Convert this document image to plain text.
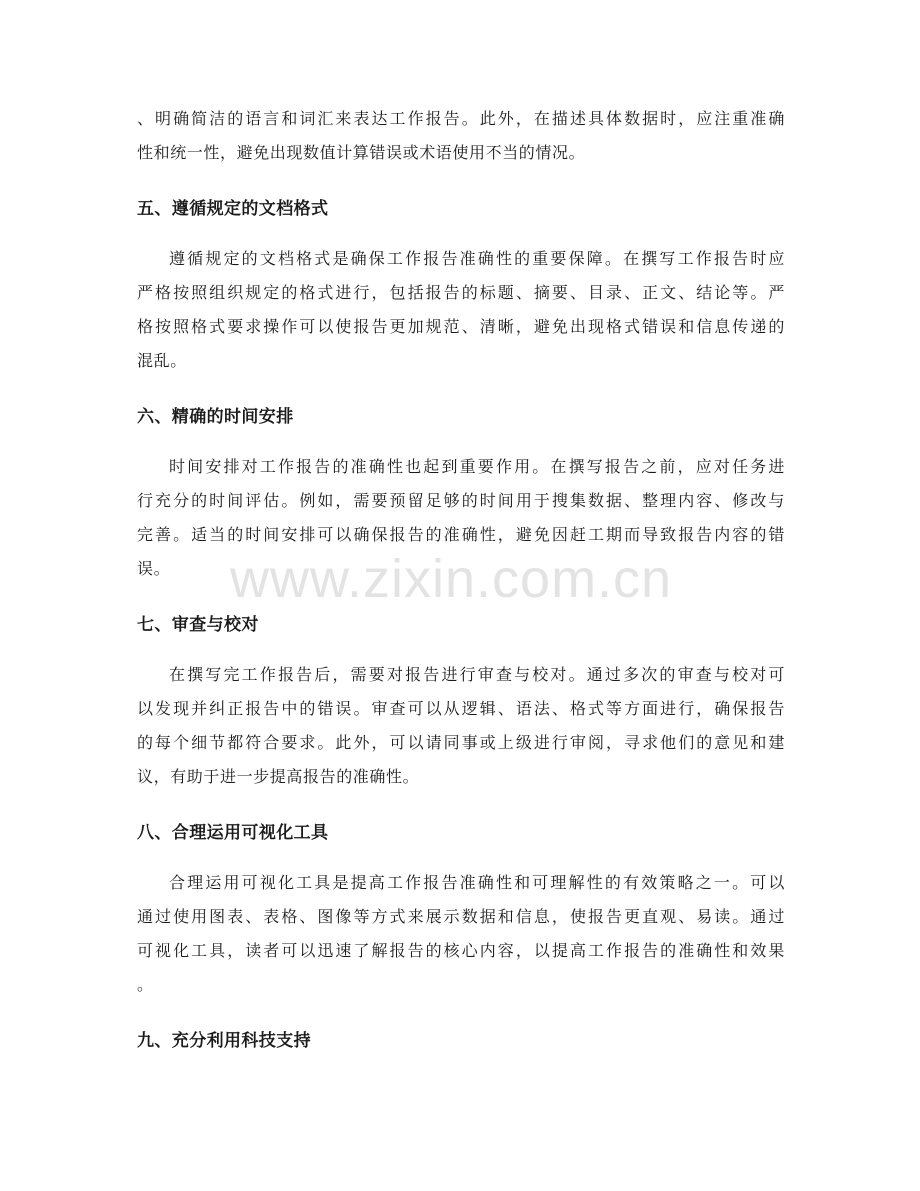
、明确简洁的语言和词汇来表达工作报告。此外，在描述具体数据时，应注重准确
性和统一性，避免出现数值计算错误或术语使用不当的情况。

五、遵循规定的文档格式

遵循规定的文档格式是确保工作报告准确性的重要保障。在撰写工作报告时应
严格按照组织规定的格式进行，包括报告的标题、摘要、目录、正文、结论等。严
格按照格式要求操作可以使报告更加规范、清晰，避免出现格式错误和信息传递的
混乱。

六、精确的时间安排

时间安排对工作报告的准确性也起到重要作用。在撰写报告之前，应对任务进
行充分的时间评估。例如，需要预留足够的时间用于搜集数据、整理内容、修改与
完善。适当的时间安排可以确保报告的准确性，避免因赶工期而导致报告内容的错
误。

七、审查与校对

在撰写完工作报告后，需要对报告进行审查与校对。通过多次的审查与校对可
以发现并纠正报告中的错误。审查可以从逻辑、语法、格式等方面进行，确保报告
的每个细节都符合要求。此外，可以请同事或上级进行审阅，寻求他们的意见和建
议，有助于进一步提高报告的准确性。

八、合理运用可视化工具

合理运用可视化工具是提高工作报告准确性和可理解性的有效策略之一。可以
通过使用图表、表格、图像等方式来展示数据和信息，使报告更直观、易读。通过
可视化工具，读者可以迅速了解报告的核心内容，以提高工作报告的准确性和效果
。

九、充分利用科技支持
www.zixin.com.cn
